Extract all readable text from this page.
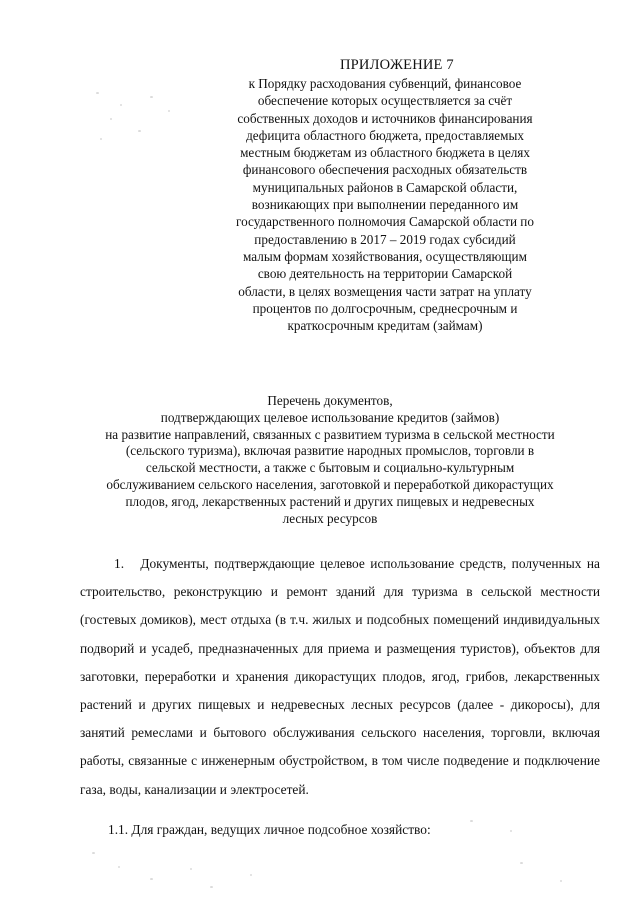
ПРИЛОЖЕНИЕ 7

к Порядку расходования субвенций, финансовое
обеспечение которых осуществляется за счёт
собственных доходов и источников финансирования
дефицита областного бюджета, предоставляемых
местным бюджетам из областного бюджета в целях
финансового обеспечения расходных обязательств
муниципальных районов в Самарской области,
возникающих при выполнении переданного им
государственного полномочия Самарской области по
предоставлению в 2017 – 2019 годах субсидий
малым формам хозяйствования, осуществляющим
свою деятельность на территории Самарской
области, в целях возмещения части затрат на уплату
процентов по долгосрочным, среднесрочным и
краткосрочным кредитам (займам)

Перечень документов,
подтверждающих целевое использование кредитов (займов)
на развитие направлений, связанных с развитием туризма в сельской местности
(сельского туризма), включая развитие народных промыслов, торговли в
сельской местности, а также с бытовым и социально-культурным
обслуживанием сельского населения, заготовкой и переработкой дикорастущих
плодов, ягод, лекарственных растений и других пищевых и недревесных
лесных ресурсов

1.   Документы, подтверждающие целевое использование средств, полученных на строительство, реконструкцию и ремонт зданий для туризма в сельской местности (гостевых домиков), мест отдыха (в т.ч. жилых и подсобных помещений индивидуальных подворий и усадеб, предназначенных для приема и размещения туристов), объектов для заготовки, переработки и хранения дикорастущих плодов, ягод, грибов, лекарственных растений и других пищевых и недревесных лесных ресурсов (далее - дикоросы), для занятий ремеслами и бытового обслуживания сельского населения, торговли, включая работы, связанные с инженерным обустройством, в том числе подведение и подключение газа, воды, канализации и электросетей.

1.1. Для граждан, ведущих личное подсобное хозяйство:
